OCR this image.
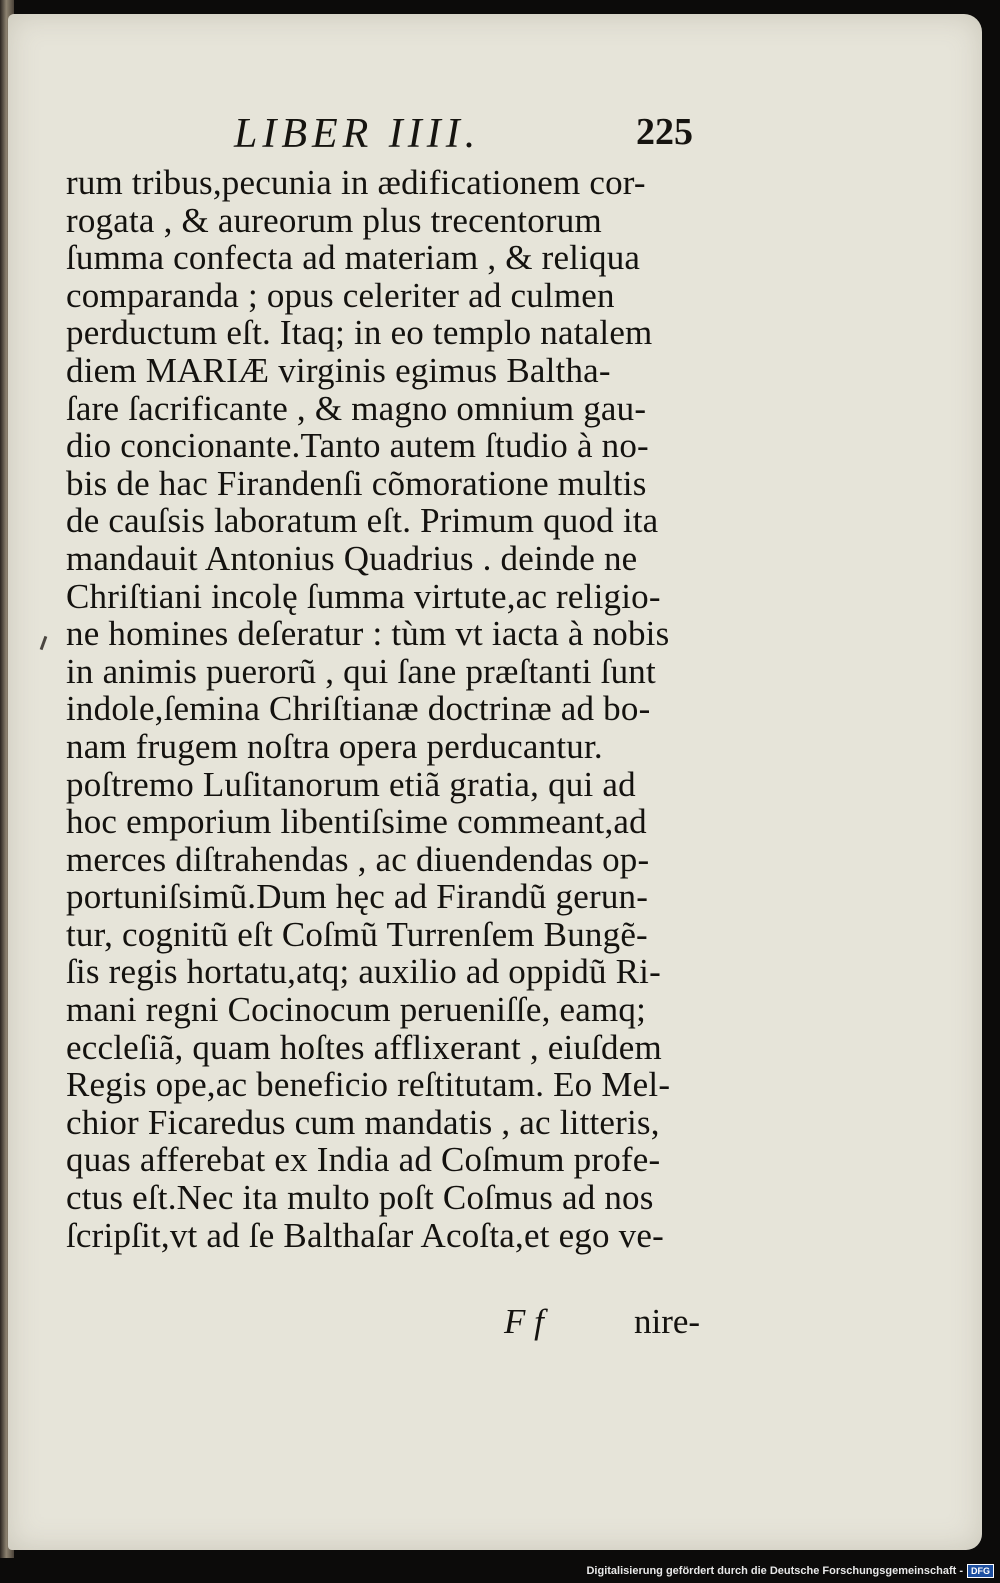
LIBER IIII.	225
rum tribus,pecunia in ædificationem cor-
rogata , & aureorum plus trecentorum
ſumma confecta ad materiam , & reliqua
comparanda ; opus celeriter ad culmen
perductum eſt. Itaq; in eo templo natalem
diem MARIÆ virginis egimus Baltha-
ſare ſacrificante , & magno omnium gau-
dio concionante.Tanto autem ſtudio à no-
bis de hac Firandenſi cõmoratione multis
de cauſsis laboratum eſt. Primum quod ita
mandauit Antonius Quadrius . deinde ne
Chriſtiani incolę ſumma virtute,ac religio-
ne homines deſeratur : tùm vt iacta à nobis
in animis puerorũ , qui ſane præſtanti ſunt
indole,ſemina Chriſtianæ doctrinæ ad bo-
nam frugem noſtra opera perducantur.
poſtremo Luſitanorum etiã gratia, qui ad
hoc emporium libentiſsime commeant,ad
merces diſtrahendas , ac diuendendas op-
portuniſsimũ.Dum hęc ad Firandũ gerun-
tur, cognitũ eſt Coſmũ Turrenſem Bungẽ-
ſis regis hortatu,atq; auxilio ad oppidũ Ri-
mani regni Cocinocum perueniſſe, eamq;
eccleſiã, quam hoſtes afflixerant , eiuſdem
Regis ope,ac beneficio reſtitutam. Eo Mel-
chior Ficaredus cum mandatis , ac litteris,
quas afferebat ex India ad Coſmum profe-
ctus eſt.Nec ita multo poſt Coſmus ad nos
ſcripſit,vt ad ſe Balthaſar Acoſta,et ego ve-
F f	nire-
Digitalisierung gefördert durch die Deutsche Forschungsgemeinschaft - DFG
